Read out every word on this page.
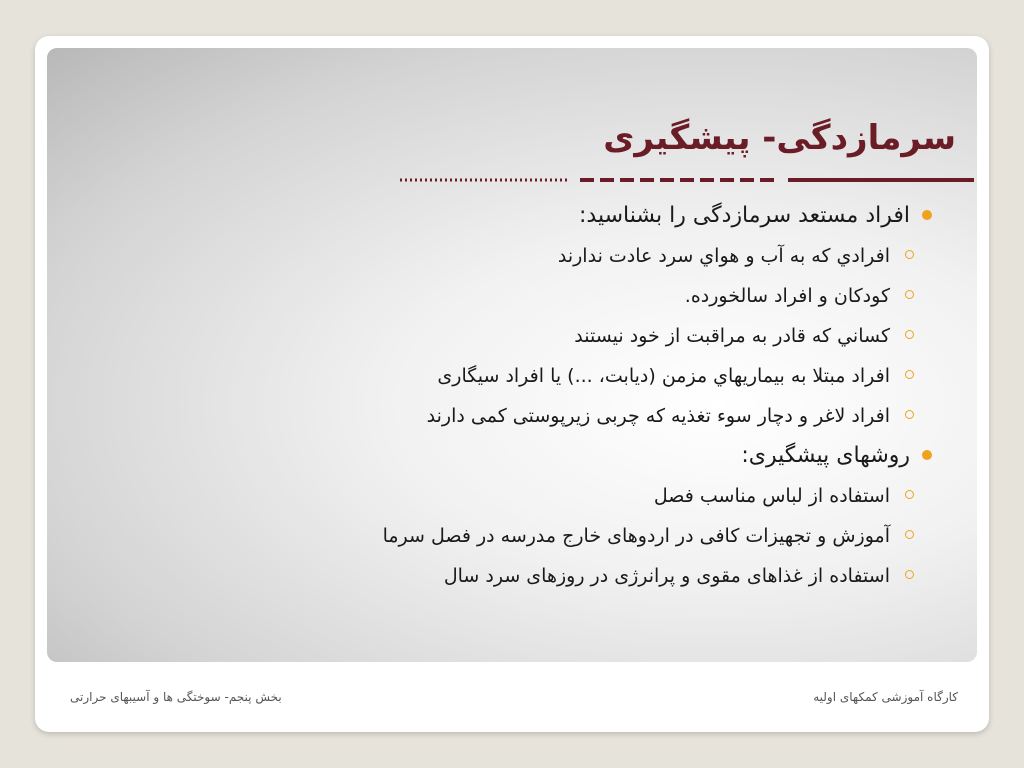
سرمازدگی- پیشگیری
افراد مستعد سرمازدگی را بشناسید:
افرادي كه به آب و هواي سرد عادت ندارند
كودكان و افراد سالخورده.
كساني كه قادر به مراقبت از خود نيستند
افراد مبتلا به بيماريهاي مزمن (ديابت، ...) يا افراد سیگاری
افراد لاغر و دچار سوء تغذیه که چربی زیرپوستی کمی دارند
روشهای پیشگیری:
استفاده از لباس مناسب فصل
آموزش و تجهیزات کافی در اردوهای خارج مدرسه در فصل سرما
استفاده از غذاهای مقوی و پرانرژی در روزهای سرد سال
کارگاه آموزشی کمکهای اولیه
بخش پنجم- سوختگی ها و آسیبهای حرارتی
